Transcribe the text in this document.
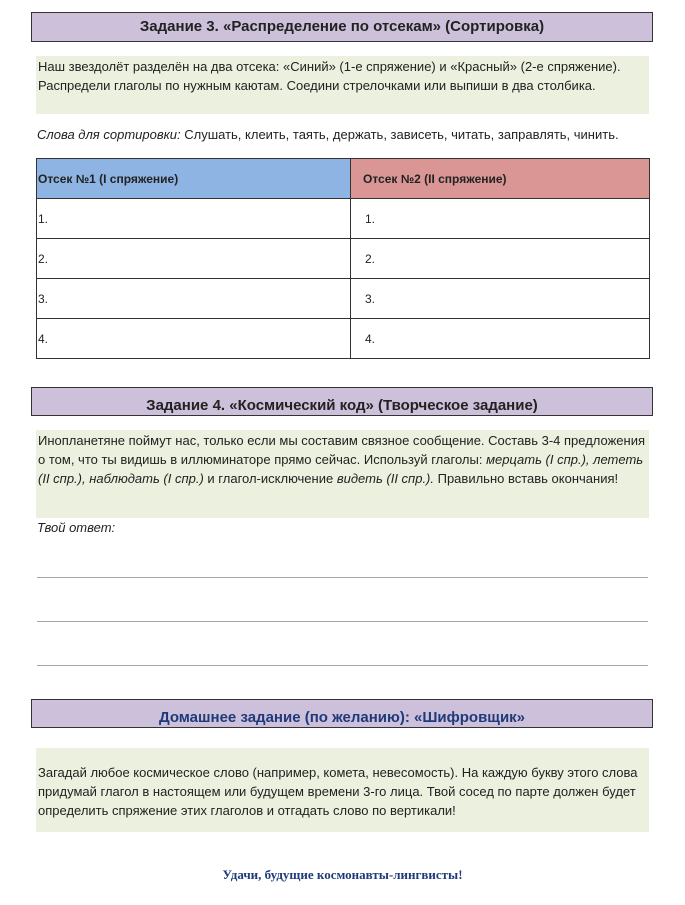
Задание 3. «Распределение по отсекам» (Сортировка)
Наш звездолёт разделён на два отсека: «Синий» (1-е спряжение) и «Красный» (2-е спряжение). Распредели глаголы по нужным каютам. Соедини стрелочками или выпиши в два столбика.
Слова для сортировки: Слушать, клеить, таять, держать, зависеть, читать, заправлять, чинить.
Отсек №1 (I спряжение)	Отсек №2 (II спряжение)
1.	1.
2.	2.
3.	3.
4.	4.
Задание 4. «Космический код» (Творческое задание)
Инопланетяне поймут нас, только если мы составим связное сообщение. Составь 3-4 предложения о том, что ты видишь в иллюминаторе прямо сейчас. Используй глаголы: мерцать (I спр.), лететь (II спр.), наблюдать (I спр.) и глагол-исключение видеть (II спр.). Правильно вставь окончания!
Твой ответ:
Домашнее задание (по желанию): «Шифровщик»
Загадай любое космическое слово (например, комета, невесомость). На каждую букву этого слова придумай глагол в настоящем или будущем времени 3-го лица. Твой сосед по парте должен будет определить спряжение этих глаголов и отгадать слово по вертикали!
Удачи, будущие космонавты-лингвисты!
